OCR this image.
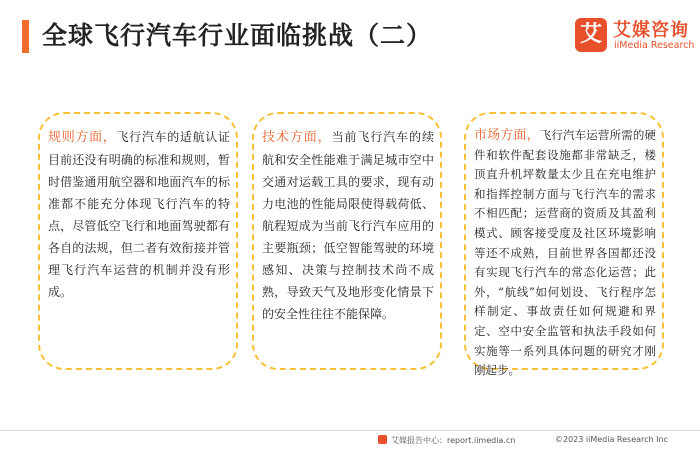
全球飞行汽车行业面临挑战（二）	艾 艾媒咨询
iiMedia Research

规则方面，飞行汽车的适航认证目前还没有明确的标准和规则，暂时借鉴通用航空器和地面汽车的标准都不能充分体现飞行汽车的特点，尽管低空飞行和地面驾驶都有各自的法规，但二者有效衔接并管理飞行汽车运营的机制并没有形成。

技术方面，当前飞行汽车的续航和安全性能难于满足城市空中交通对运载工具的要求，现有动力电池的性能局限使得载荷低、航程短成为当前飞行汽车应用的主要瓶颈；低空智能驾驶的环境感知、决策与控制技术尚不成熟，导致天气及地形变化情景下的安全性往往不能保障。

市场方面，飞行汽车运营所需的硬件和软件配套设施都非常缺乏，楼顶直升机坪数量太少且在充电维护和指挥控制方面与飞行汽车的需求不相匹配；运营商的资质及其盈利模式、顾客接受度及社区环境影响等还不成熟，目前世界各国都还没有实现飞行汽车的常态化运营；此外，“航线”如何划设、飞行程序怎样制定、事故责任如何规避和界定、空中安全监管和执法手段如何实施等一系列具体问题的研究才刚刚起步。

艾媒报告中心：report.iimedia.cn	©2023 iiMedia Research Inc
